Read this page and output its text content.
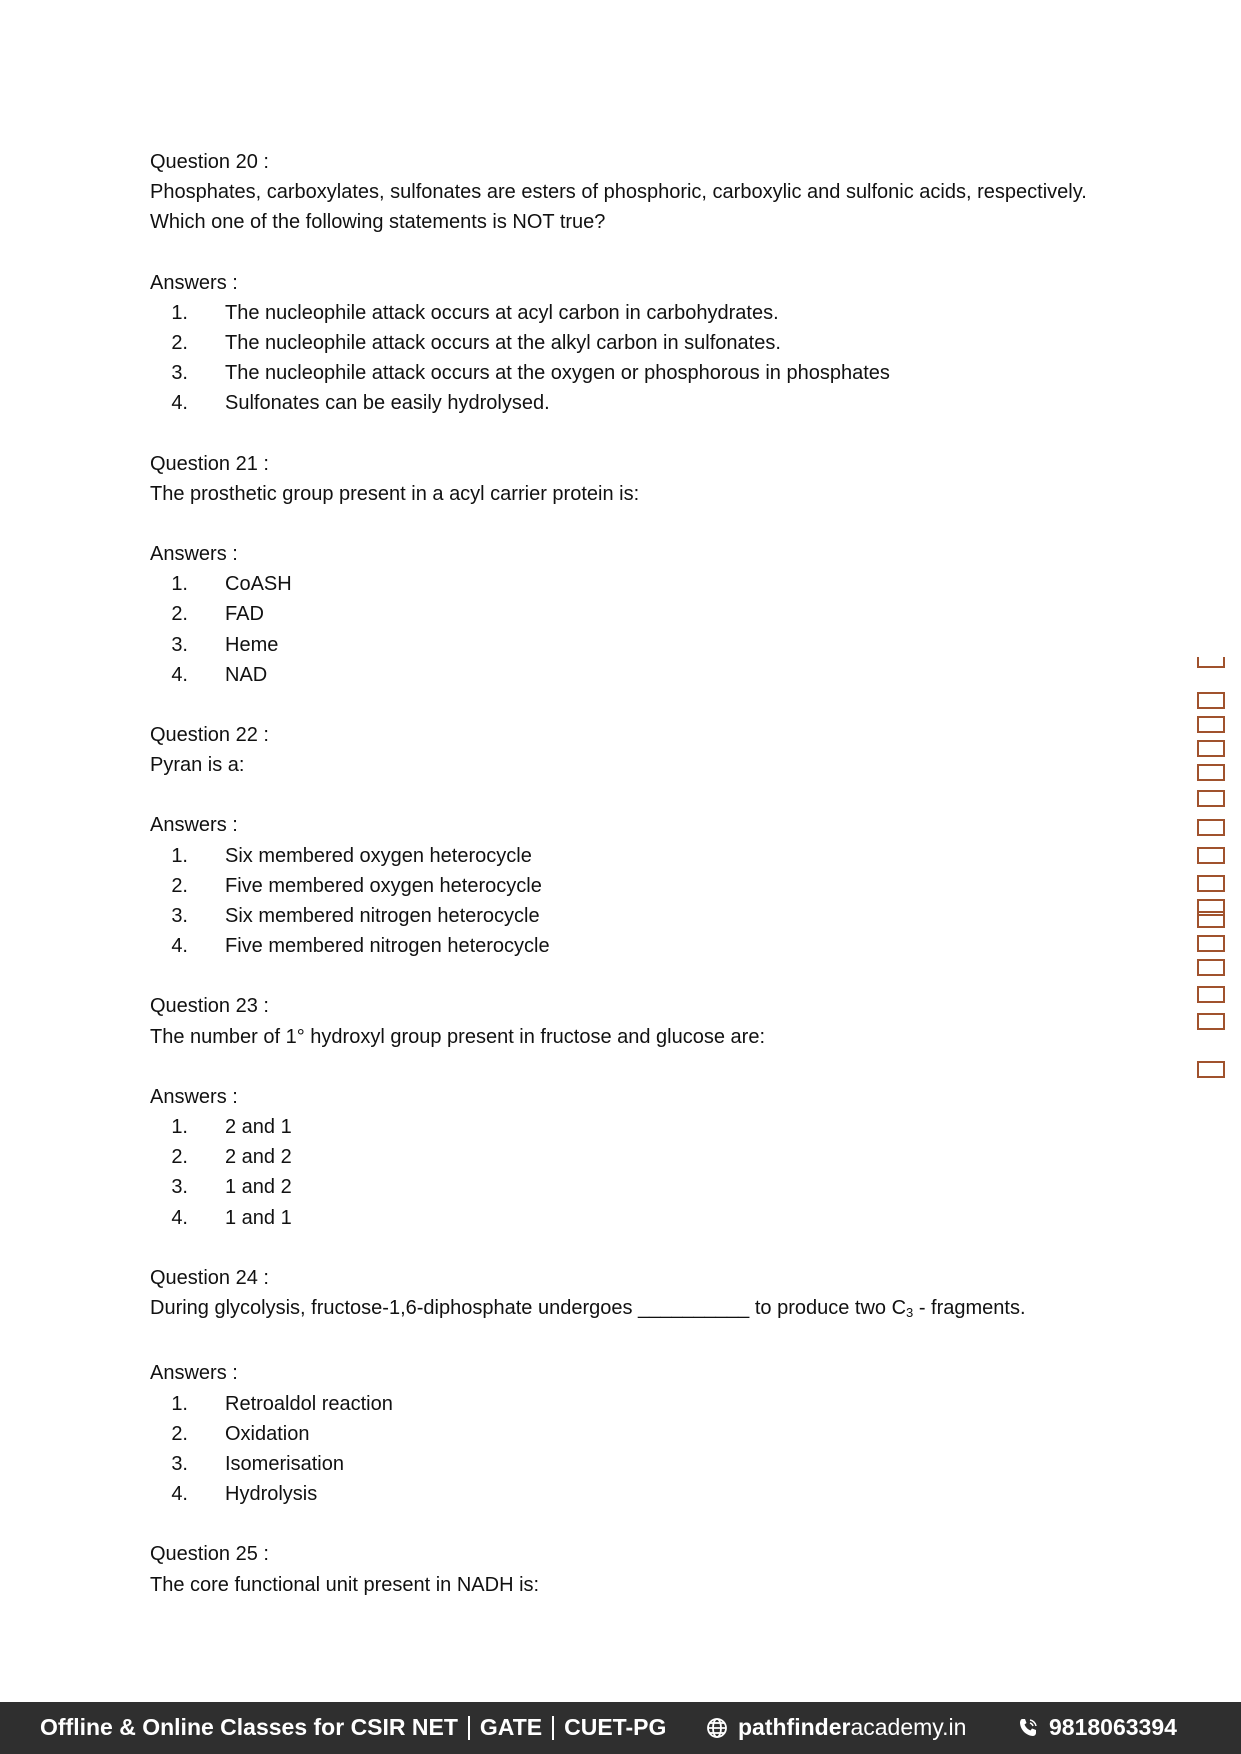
Question 20 :
Phosphates, carboxylates, sulfonates are esters of phosphoric, carboxylic and sulfonic acids, respectively. Which one of the following statements is NOT true?
Answers :
1. The nucleophile attack occurs at acyl carbon in carbohydrates.
2. The nucleophile attack occurs at the alkyl carbon in sulfonates.
3. The nucleophile attack occurs at the oxygen or phosphorous in phosphates
4. Sulfonates can be easily hydrolysed.
Question 21 :
The prosthetic group present in a acyl carrier protein is:
Answers :
1. CoASH
2. FAD
3. Heme
4. NAD
Question 22 :
Pyran is a:
Answers :
1. Six membered oxygen heterocycle
2. Five membered oxygen heterocycle
3. Six membered nitrogen heterocycle
4. Five membered nitrogen heterocycle
Question 23 :
The number of 1° hydroxyl group present in fructose and glucose are:
Answers :
1. 2 and 1
2. 2 and 2
3. 1 and 2
4. 1 and 1
Question 24 :
During glycolysis, fructose-1,6-diphosphate undergoes __________ to produce two $C_3$ - fragments.
Answers :
1. Retroaldol reaction
2. Oxidation
3. Isomerisation
4. Hydrolysis
Question 25 :
The core functional unit present in NADH is:
Offline & Online Classes for CSIR NET GATE CUET-PG	pathfinder academy.in	9818063394
